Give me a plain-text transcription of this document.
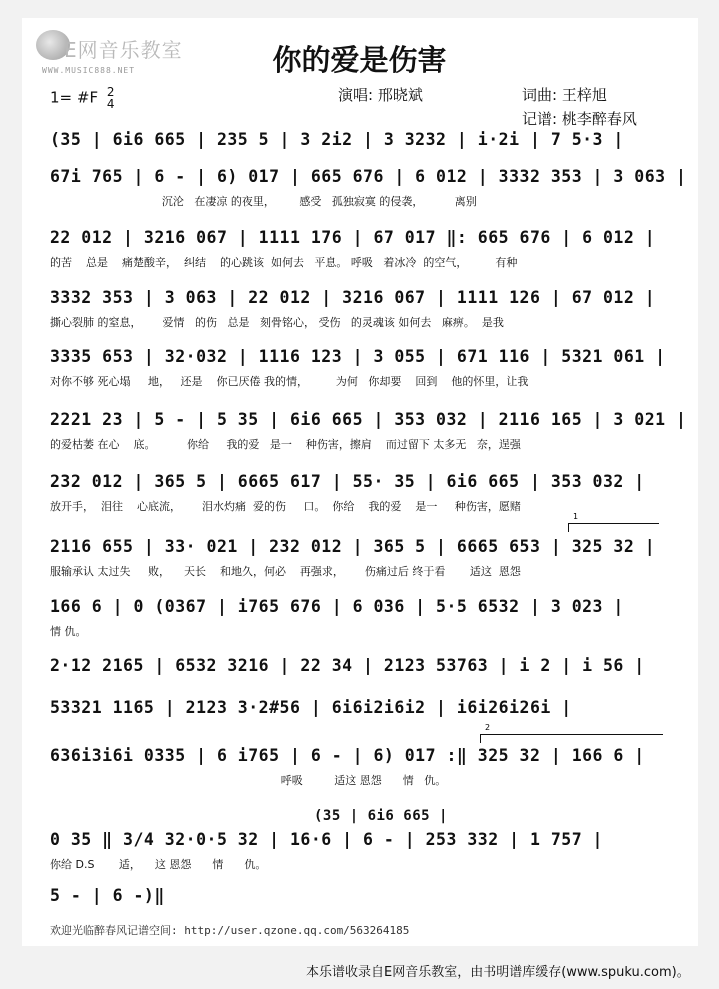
E网音乐教室
WWW.MUSIC888.NET	你的爱是伤害
1= #F 2
4	演唱: 邢晓斌	词曲: 王梓旭
记谱: 桃李醉春风
(35 | 6i6 665 | 235 5 | 3 2i2 | 3 3232 | i·2i | 7 5·3 |
67i 765 | 6 - | 6) 017 | 665 676 | 6 012 | 3332 353 | 3 063 |
沉沦   在凄凉 的夜里，       感受   孤独寂寞 的侵袭，         离别
22 012 | 3216 067 | 1111 176 | 67 017 ‖: 665 676 | 6 012 |
的苦    总是    痛楚酸辛，  纠结    的心跳该  如何去   平息。 呼吸   着冰冷  的空气，        有种
3332 353 | 3 063 | 22 012 | 3216 067 | 1111 126 | 67 012 |
撕心裂肺 的窒息，      爱情   的伤   总是   刻骨铭心， 受伤   的灵魂该 如何去   麻痹。  是我
3335 653 | 32·032 | 1116 123 | 3 055 | 671 116 | 5321 061 |
对你不够 死心塌     地，   还是    你已厌倦 我的情，        为何   你却要    回到    他的怀里，让我
2221 23 | 5 - | 5 35 | 6i6 665 | 353 032 | 2116 165 | 3 021 |
的爱枯萎 在心    底。         你给     我的爱   是一    种伤害，擦肩    而过留下 太多无   奈，逞强
232 012 | 365 5 | 6665 617 | 55· 35 | 6i6 665 | 353 032 |
放开手，  泪往    心底流，      泪水灼痛  爱的伤     口。  你给    我的爱    是一     种伤害，愿赌
1
2116 655 | 33· 021 | 232 012 | 365 5 | 6665 653 | 325 32 |
服输承认 太过失     败，    天长    和地久，何必    再强求，      伤痛过后 终于看       适这  恩怨
166 6 | 0 (0367 | i765 676 | 6 036 | 5·5 6532 | 3 023 |
情 仇。
2·12 2165 | 6532 3216 | 22 34 | 2123 53763 | i 2 | i 56 |
53321 1165 | 2123 3·2#56 | 6i6i2i6i2 | i6i26i26i |
2
636i3i6i 0335 | 6 i765 | 6 - | 6) 017 :‖ 325 32 | 166 6 |
呼吸         适这 恩怨      情   仇。
(35 | 6i6 665 |
0 35 ‖ 3/4 32·0·5 32 | 16·6 | 6 - | 253 332 | 1 757 |
你给 D.S       适，    这 恩怨      情      仇。
5 - | 6 -)‖
欢迎光临醉春风记谱空间: http://user.qzone.qq.com/563264185
本乐谱收录自E网音乐教室，由书明谱库缓存(www.spuku.com)。
